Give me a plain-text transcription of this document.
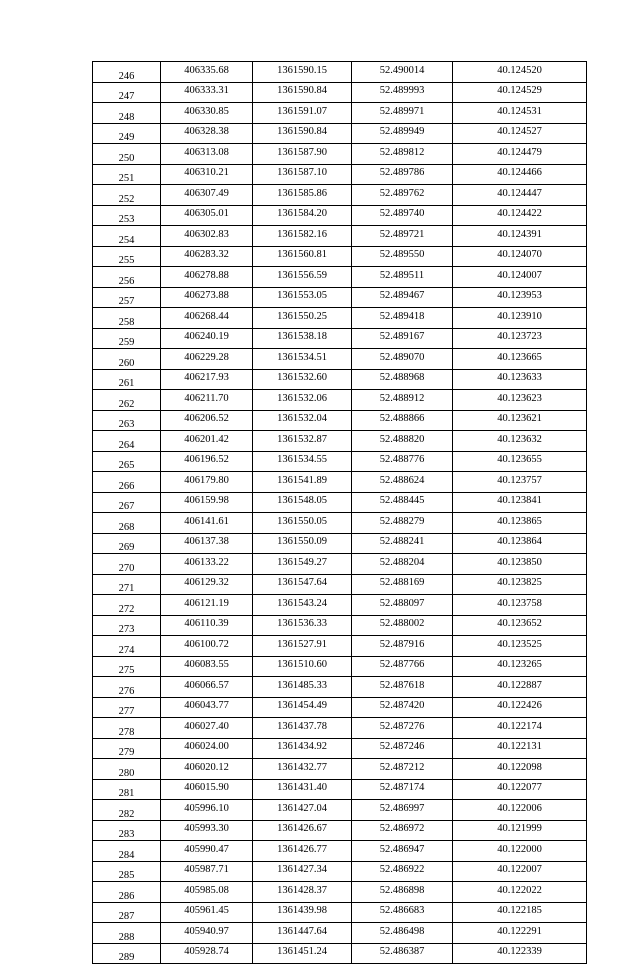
246	406335.68	1361590.15	52.490014	40.124520
247	406333.31	1361590.84	52.489993	40.124529
248	406330.85	1361591.07	52.489971	40.124531
249	406328.38	1361590.84	52.489949	40.124527
250	406313.08	1361587.90	52.489812	40.124479
251	406310.21	1361587.10	52.489786	40.124466
252	406307.49	1361585.86	52.489762	40.124447
253	406305.01	1361584.20	52.489740	40.124422
254	406302.83	1361582.16	52.489721	40.124391
255	406283.32	1361560.81	52.489550	40.124070
256	406278.88	1361556.59	52.489511	40.124007
257	406273.88	1361553.05	52.489467	40.123953
258	406268.44	1361550.25	52.489418	40.123910
259	406240.19	1361538.18	52.489167	40.123723
260	406229.28	1361534.51	52.489070	40.123665
261	406217.93	1361532.60	52.488968	40.123633
262	406211.70	1361532.06	52.488912	40.123623
263	406206.52	1361532.04	52.488866	40.123621
264	406201.42	1361532.87	52.488820	40.123632
265	406196.52	1361534.55	52.488776	40.123655
266	406179.80	1361541.89	52.488624	40.123757
267	406159.98	1361548.05	52.488445	40.123841
268	406141.61	1361550.05	52.488279	40.123865
269	406137.38	1361550.09	52.488241	40.123864
270	406133.22	1361549.27	52.488204	40.123850
271	406129.32	1361547.64	52.488169	40.123825
272	406121.19	1361543.24	52.488097	40.123758
273	406110.39	1361536.33	52.488002	40.123652
274	406100.72	1361527.91	52.487916	40.123525
275	406083.55	1361510.60	52.487766	40.123265
276	406066.57	1361485.33	52.487618	40.122887
277	406043.77	1361454.49	52.487420	40.122426
278	406027.40	1361437.78	52.487276	40.122174
279	406024.00	1361434.92	52.487246	40.122131
280	406020.12	1361432.77	52.487212	40.122098
281	406015.90	1361431.40	52.487174	40.122077
282	405996.10	1361427.04	52.486997	40.122006
283	405993.30	1361426.67	52.486972	40.121999
284	405990.47	1361426.77	52.486947	40.122000
285	405987.71	1361427.34	52.486922	40.122007
286	405985.08	1361428.37	52.486898	40.122022
287	405961.45	1361439.98	52.486683	40.122185
288	405940.97	1361447.64	52.486498	40.122291
289	405928.74	1361451.24	52.486387	40.122339
